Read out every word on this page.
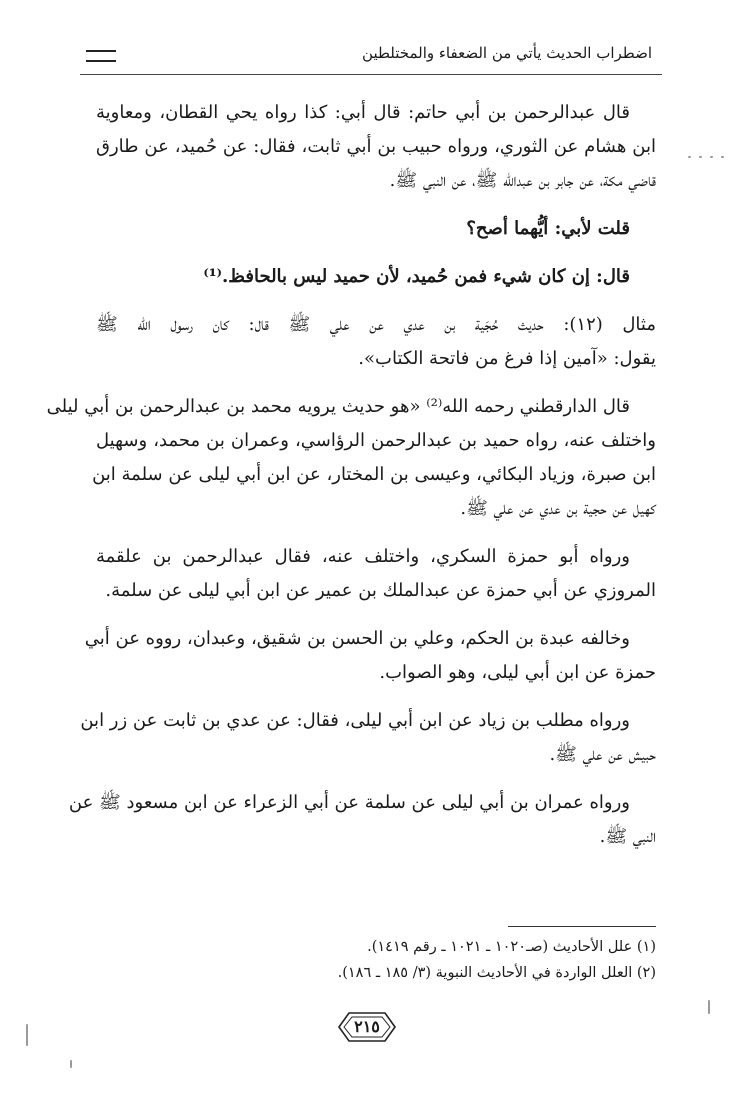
اضطراب الحديث يأتي من الضعفاء والمختلطين

قال عبدالرحمن بن أبي حاتم: قال أبي: كذا رواه يحي القطان، ومعاوية
ابن هشام عن الثوري، ورواه حبيب بن أبي ثابت، فقال: عن حُميد، عن طارق
قاضي مكة، عن جابر بن عبدالله ﷺ، عن النبي ﷺ.

قلت لأبي: أيُّهما أصح؟

قال: إن كان شيء فمن حُميد، لأن حميد ليس بالحافظ.⁽¹⁾

مثال (١٢): حديث حُجَية بن عدي عن علي ﷺ قال: كان رسول الله ﷺ
يقول: «آمين إذا فرغ من فاتحة الكتاب».

قال الدارقطني رحمه الله⁽²⁾ «هو حديث يرويه محمد بن عبدالرحمن بن أبي ليلى
واختلف عنه، رواه حميد بن عبدالرحمن الرؤاسي، وعمران بن محمد، وسهيل
ابن صبرة، وزياد البكائي، وعيسى بن المختار، عن ابن أبي ليلى عن سلمة ابن
كهيل عن حجية بن عدي عن علي ﷺ.

ورواه أبو حمزة السكري، واختلف عنه، فقال عبدالرحمن بن علقمة
المروزي عن أبي حمزة عن عبدالملك بن عمير عن ابن أبي ليلى عن سلمة.

وخالفه عبدة بن الحكم، وعلي بن الحسن بن شقيق، وعبدان، رووه عن أبي
حمزة عن ابن أبي ليلى، وهو الصواب.

ورواه مطلب بن زياد عن ابن أبي ليلى، فقال: عن عدي بن ثابت عن زر ابن
حبيش عن علي ﷺ.

ورواه عمران بن أبي ليلى عن سلمة عن أبي الزعراء عن ابن مسعود ﷺ عن
النبي ﷺ.

(١) علل الأحاديث (صـ١٠٢٠ ـ ١٠٢١ ـ رقم ١٤١٩).
(٢) العلل الواردة في الأحاديث النبوية (٣/ ١٨٥ ـ ١٨٦).
٢١٥
